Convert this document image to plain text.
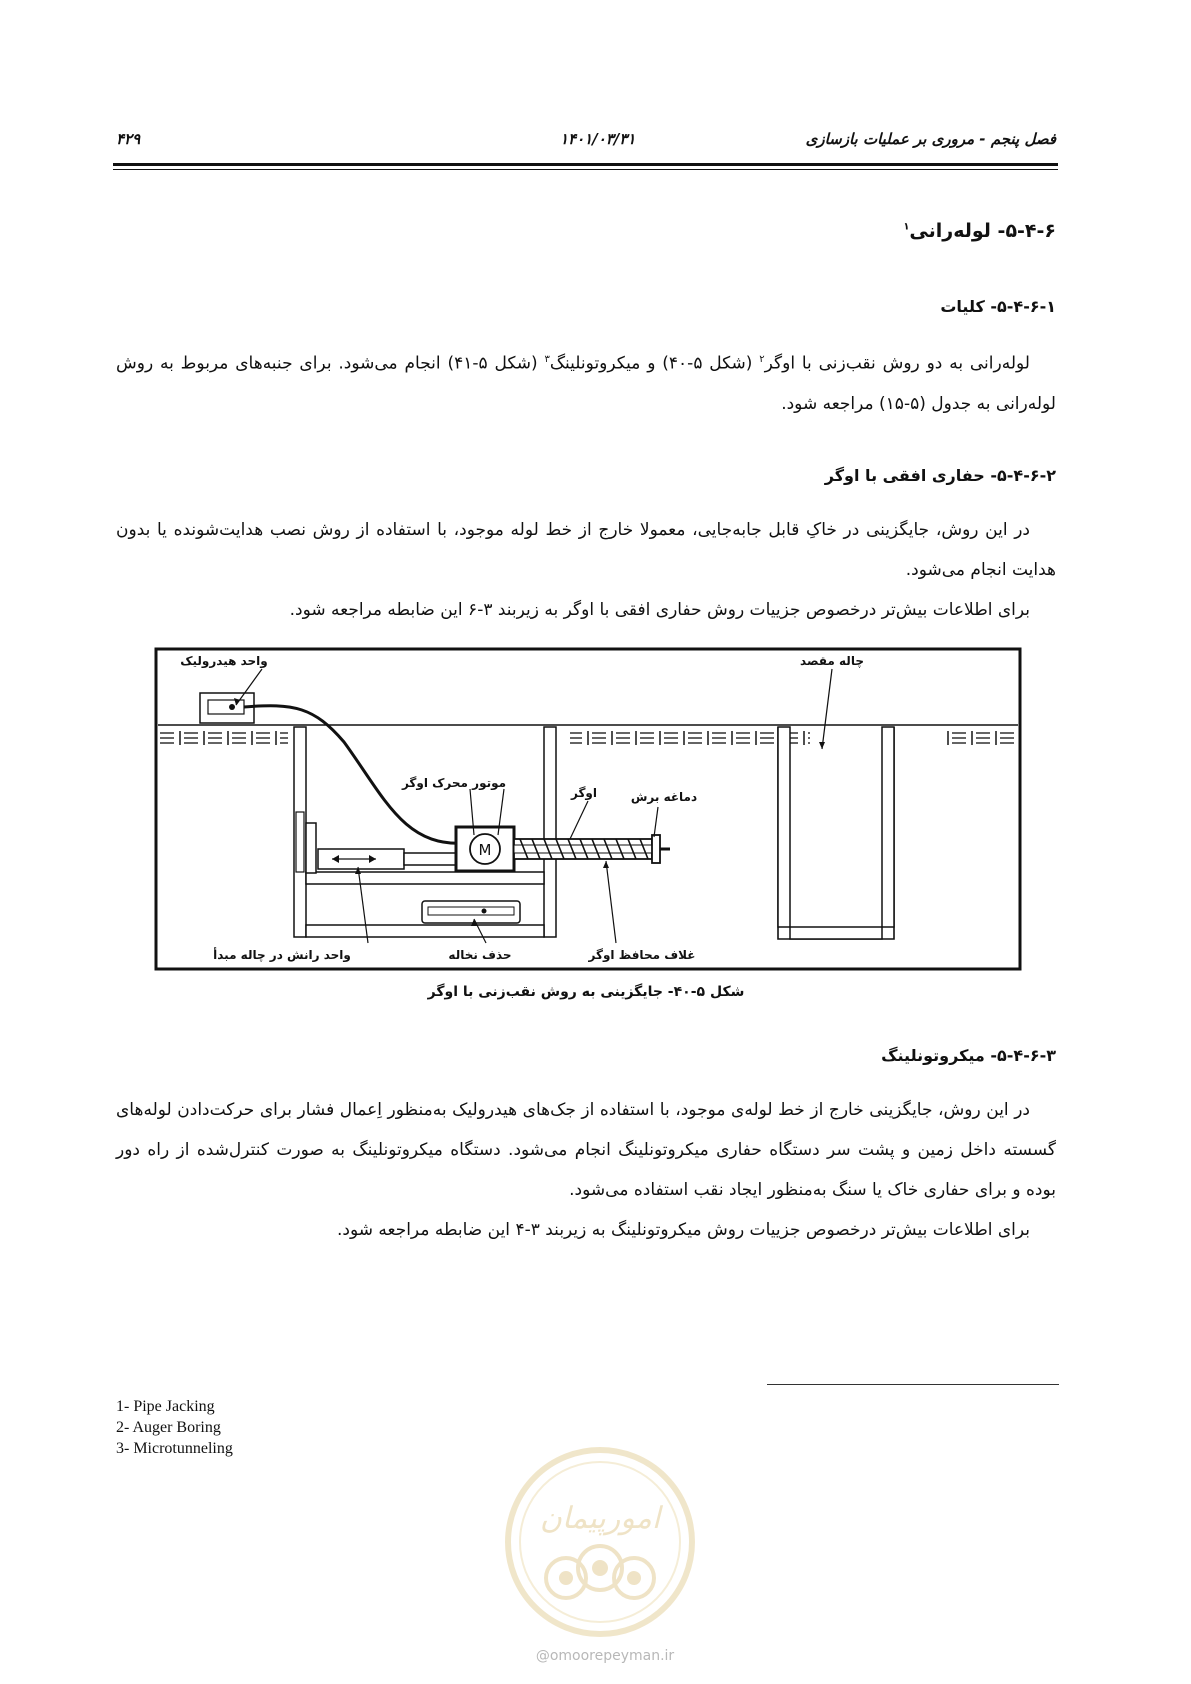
۴۲۹	۱۴۰۱/۰۳/۳۱	فصل پنجم - مروری بر عملیات بازسازی
۵-۴-۶- لوله‌رانی$^۱$
۵-۴-۶-۱- کلیات

لوله‌رانی به دو روش نقب‌زنی با اوگر$^۲$ (شکل ۵-۴۰) و میکروتونلینگ$^۳$ (شکل ۵-۴۱) انجام می‌شود. برای جنبه‌های مربوط به روش لوله‌رانی به جدول (۵-۱۵) مراجعه شود.

۵-۴-۶-۲- حفاری افقی با اوگر

در این روش، جایگزینی در خاکِ قابل جابه‌جایی، معمولا خارج از خط لوله موجود، با استفاده از روش نصب هدایت‌شونده یا بدون هدایت انجام می‌شود.

برای اطلاعات بیش‌تر درخصوص جزییات روش حفاری افقی با اوگر به زیربند ۳-۶ این ضابطه مراجعه شود.

M
واحد هیدرولیک	چاله مقصد
موتور محرک اوگر
اوگر	دماغه برش
واحد رانش در چاله مبدأ	حذف نخاله	غلاف محافظ اوگر
شکل ۵-۴۰- جایگزینی به روش نقب‌زنی با اوگر
۵-۴-۶-۳- میکروتونلینگ

در این روش، جایگزینی خارج از خط لوله‌ی موجود، با استفاده از جک‌های هیدرولیک به‌منظور اِعمال فشار برای حرکت‌دادن لوله‌های گسسته داخل زمین و پشت سر دستگاه حفاری میکروتونلینگ انجام می‌شود. دستگاه میکروتونلینگ به صورت کنترل‌شده از راه دور بوده و برای حفاری خاک یا سنگ به‌منظور ایجاد نقب استفاده می‌شود.

برای اطلاعات بیش‌تر درخصوص جزییات روش میکروتونلینگ به زیربند ۳-۴ این ضابطه مراجعه شود.

1- Pipe Jacking
2- Auger Boring
3- Microtunneling
امورپیمان
@omoorepeyman.ir
